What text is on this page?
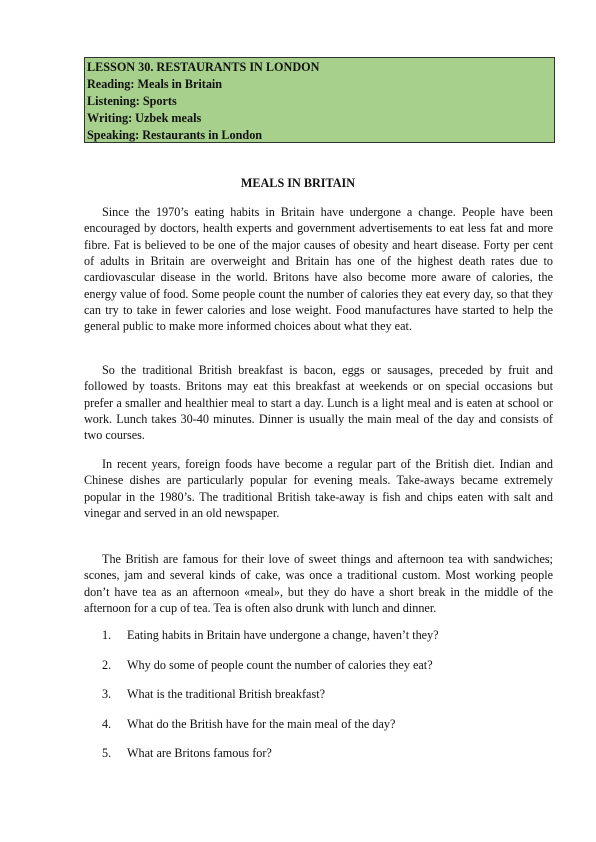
LESSON 30. RESTAURANTS IN LONDON
Reading: Meals in Britain
Listening: Sports
Writing: Uzbek meals
Speaking: Restaurants in London
MEALS IN BRITAIN

Since the 1970’s eating habits in Britain have undergone a change. People have been encouraged by doctors, health experts and government advertisements to eat less fat and more fibre. Fat is believed to be one of the major causes of obesity and heart disease. Forty per cent of adults in Britain are overweight and Britain has one of the highest death rates due to cardiovascular disease in the world. Britons have also become more aware of calories, the energy value of food. Some people count the number of calories they eat every day, so that they can try to take in fewer calories and lose weight. Food manufactures have started to help the general public to make more informed choices about what they eat.

So the traditional British breakfast is bacon, eggs or sausages, preceded by fruit and followed by toasts. Britons may eat this breakfast at weekends or on special occasions but prefer a smaller and healthier meal to start a day. Lunch is a light meal and is eaten at school or work. Lunch takes 30-40 minutes. Dinner is usually the main meal of the day and consists of two courses.

In recent years, foreign foods have become a regular part of the British diet. Indian and Chinese dishes are particularly popular for evening meals. Take-aways became extremely popular in the 1980’s. The traditional British take-away is fish and chips eaten with salt and vinegar and served in an old newspaper.

The British are famous for their love of sweet things and afternoon tea with sandwiches; scones, jam and several kinds of cake, was once a traditional custom. Most working people don’t have tea as an afternoon «meal», but they do have a short break in the middle of the afternoon for a cup of tea. Tea is often also drunk with lunch and dinner.

1. Eating habits in Britain have undergone a change, haven’t they?
2. Why do some of people count the number of calories they eat?
3. What is the traditional British breakfast?
4. What do the British have for the main meal of the day?
5. What are Britons famous for?
